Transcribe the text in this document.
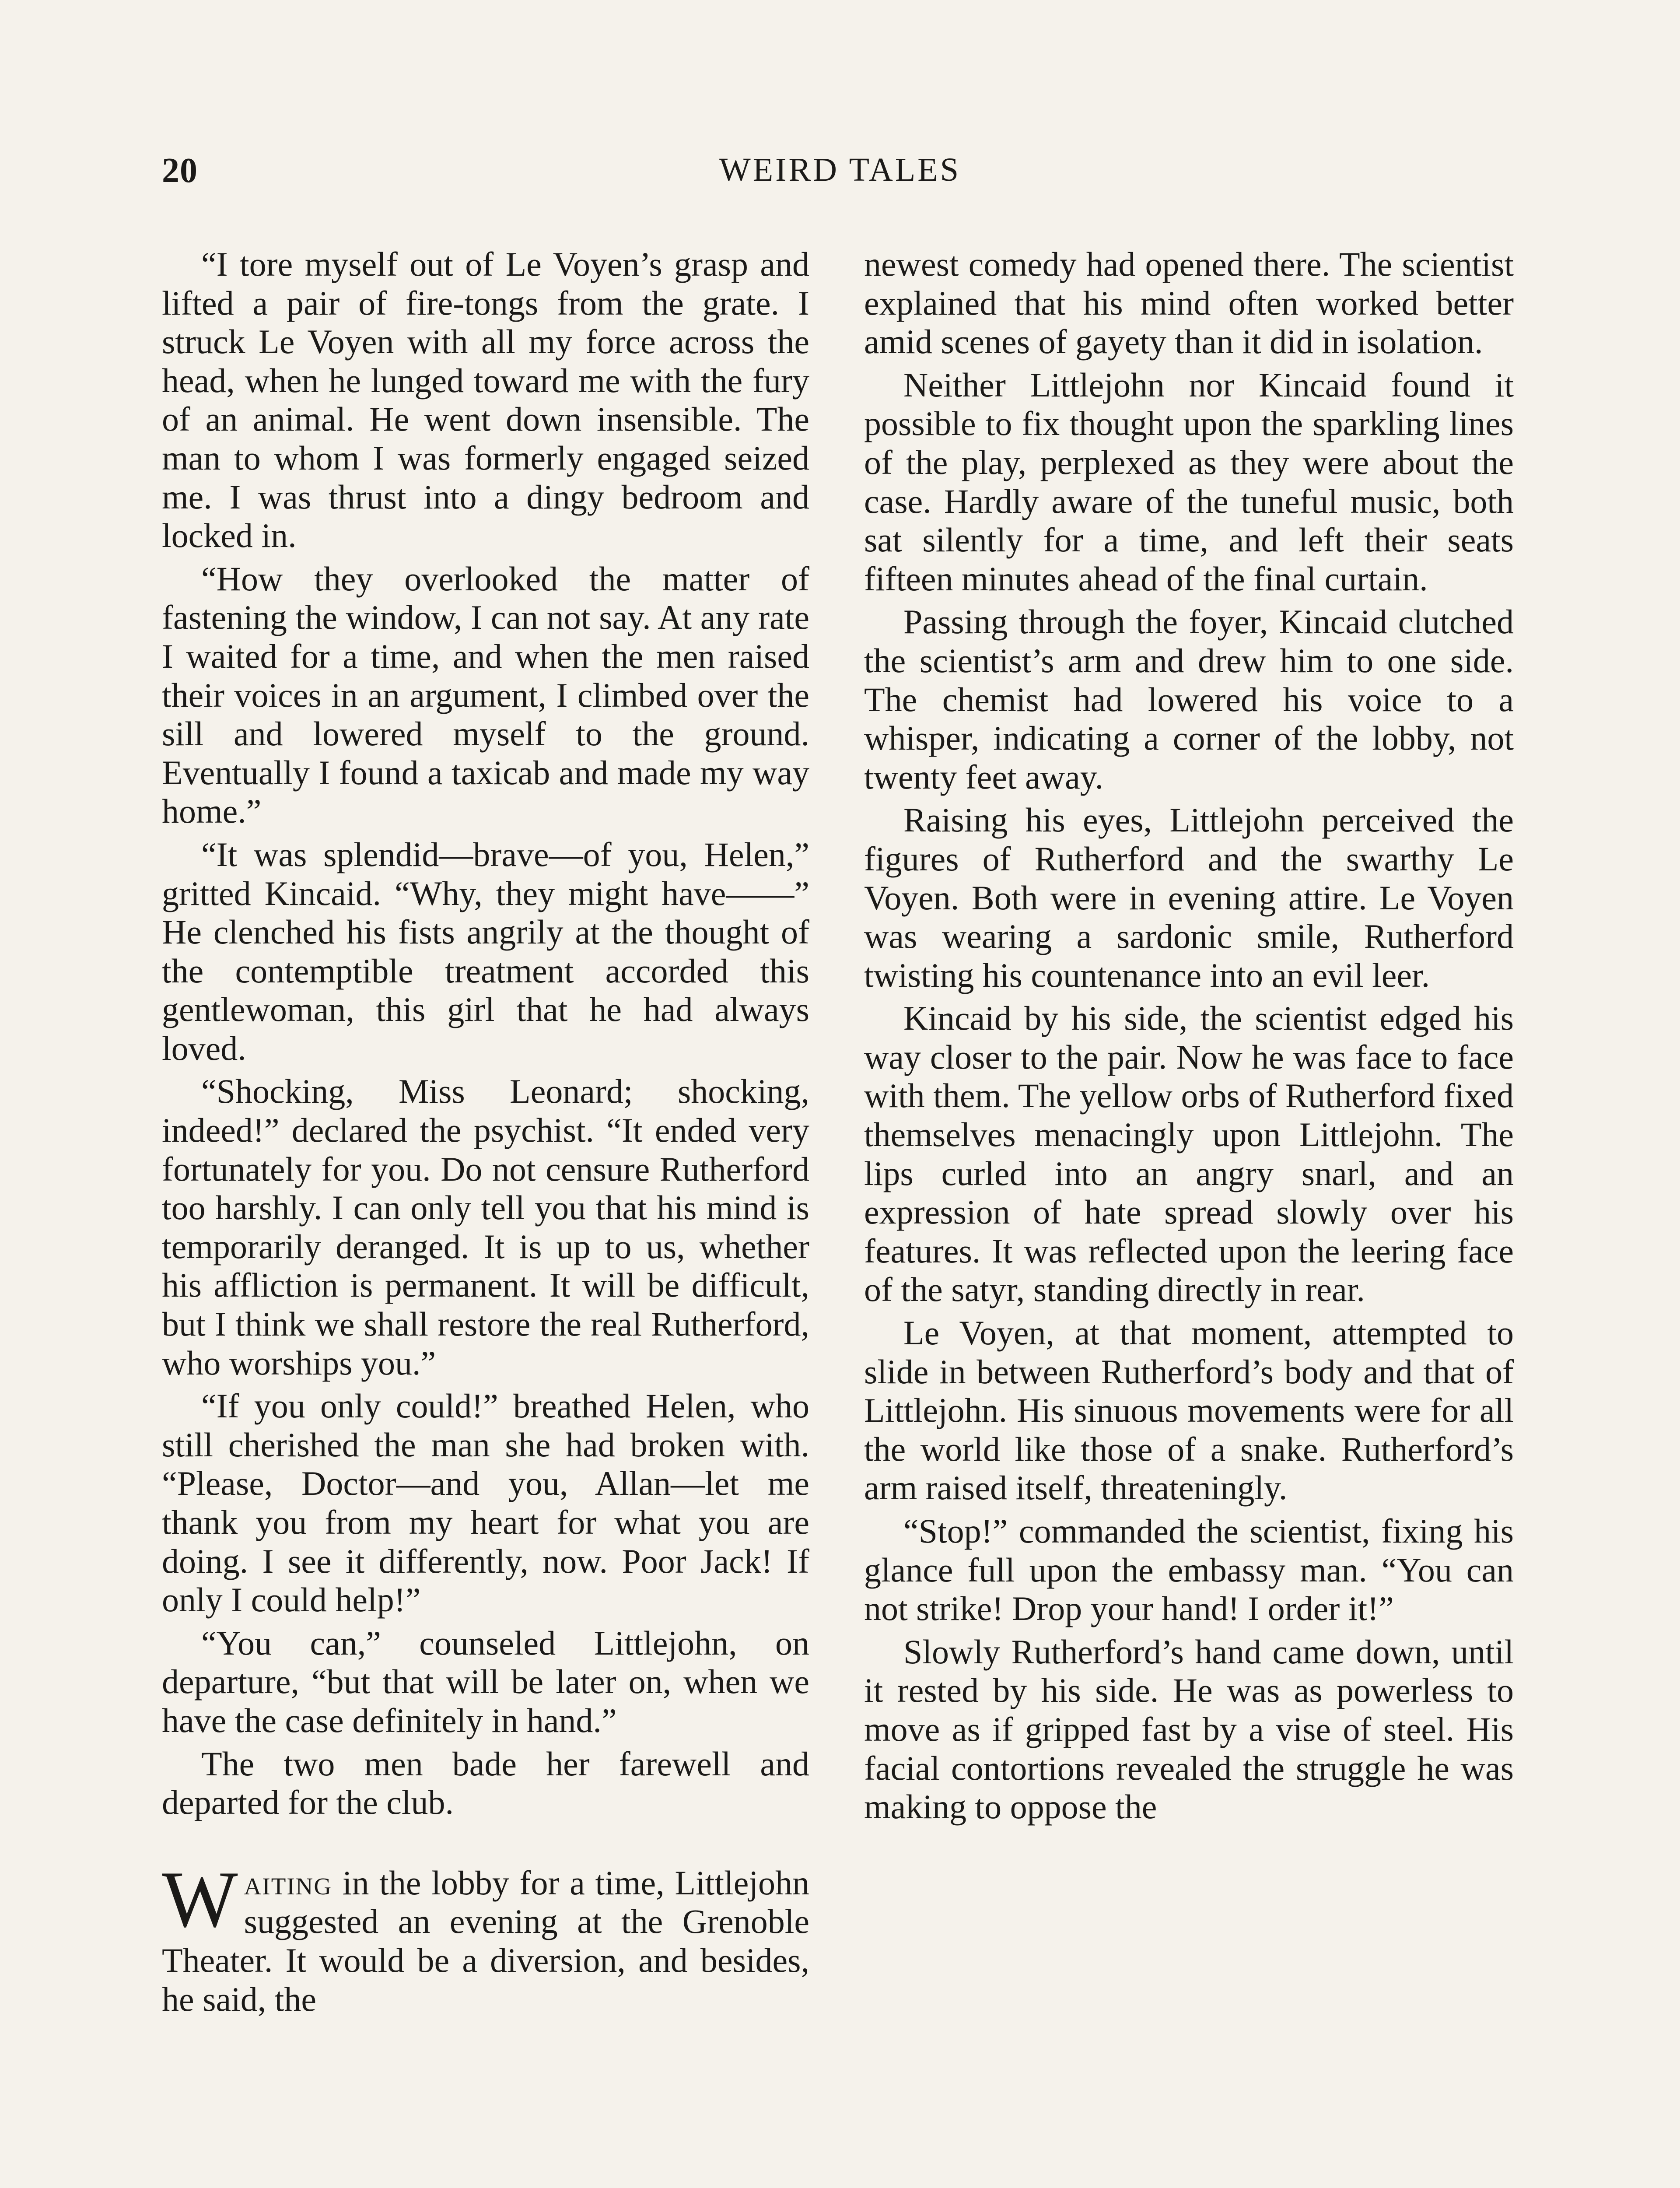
20	WEIRD TALES

“I tore myself out of Le Voyen’s grasp and lifted a pair of fire-tongs from the grate. I struck Le Voyen with all my force across the head, when he lunged toward me with the fury of an animal. He went down insensible. The man to whom I was formerly engaged seized me. I was thrust into a dingy bedroom and locked in.

“How they overlooked the matter of fastening the window, I can not say. At any rate I waited for a time, and when the men raised their voices in an argument, I climbed over the sill and lowered myself to the ground. Eventually I found a taxicab and made my way home.”

“It was splendid—brave—of you, Helen,” gritted Kincaid. “Why, they might have——” He clenched his fists angrily at the thought of the contemptible treatment accorded this gentlewoman, this girl that he had always loved.

“Shocking, Miss Leonard; shocking, indeed!” declared the psychist. “It ended very fortunately for you. Do not censure Rutherford too harshly. I can only tell you that his mind is temporarily deranged. It is up to us, whether his affliction is permanent. It will be difficult, but I think we shall restore the real Rutherford, who worships you.”

“If you only could!” breathed Helen, who still cherished the man she had broken with. “Please, Doctor—and you, Allan—let me thank you from my heart for what you are doing. I see it differently, now. Poor Jack! If only I could help!”

“You can,” counseled Littlejohn, on departure, “but that will be later on, when we have the case definitely in hand.”

The two men bade her farewell and departed for the club.

Waiting in the lobby for a time, Littlejohn suggested an evening at the Grenoble Theater. It would be a diversion, and besides, he said, the

newest comedy had opened there. The scientist explained that his mind often worked better amid scenes of gayety than it did in isolation.

Neither Littlejohn nor Kincaid found it possible to fix thought upon the sparkling lines of the play, perplexed as they were about the case. Hardly aware of the tuneful music, both sat silently for a time, and left their seats fifteen minutes ahead of the final curtain.

Passing through the foyer, Kincaid clutched the scientist’s arm and drew him to one side. The chemist had lowered his voice to a whisper, indicating a corner of the lobby, not twenty feet away.

Raising his eyes, Littlejohn perceived the figures of Rutherford and the swarthy Le Voyen. Both were in evening attire. Le Voyen was wearing a sardonic smile, Rutherford twisting his countenance into an evil leer.

Kincaid by his side, the scientist edged his way closer to the pair. Now he was face to face with them. The yellow orbs of Rutherford fixed themselves menacingly upon Littlejohn. The lips curled into an angry snarl, and an expression of hate spread slowly over his features. It was reflected upon the leering face of the satyr, standing directly in rear.

Le Voyen, at that moment, attempted to slide in between Rutherford’s body and that of Littlejohn. His sinuous movements were for all the world like those of a snake. Rutherford’s arm raised itself, threateningly.

“Stop!” commanded the scientist, fixing his glance full upon the embassy man. “You can not strike! Drop your hand! I order it!”

Slowly Rutherford’s hand came down, until it rested by his side. He was as powerless to move as if gripped fast by a vise of steel. His facial contortions revealed the struggle he was making to oppose the
